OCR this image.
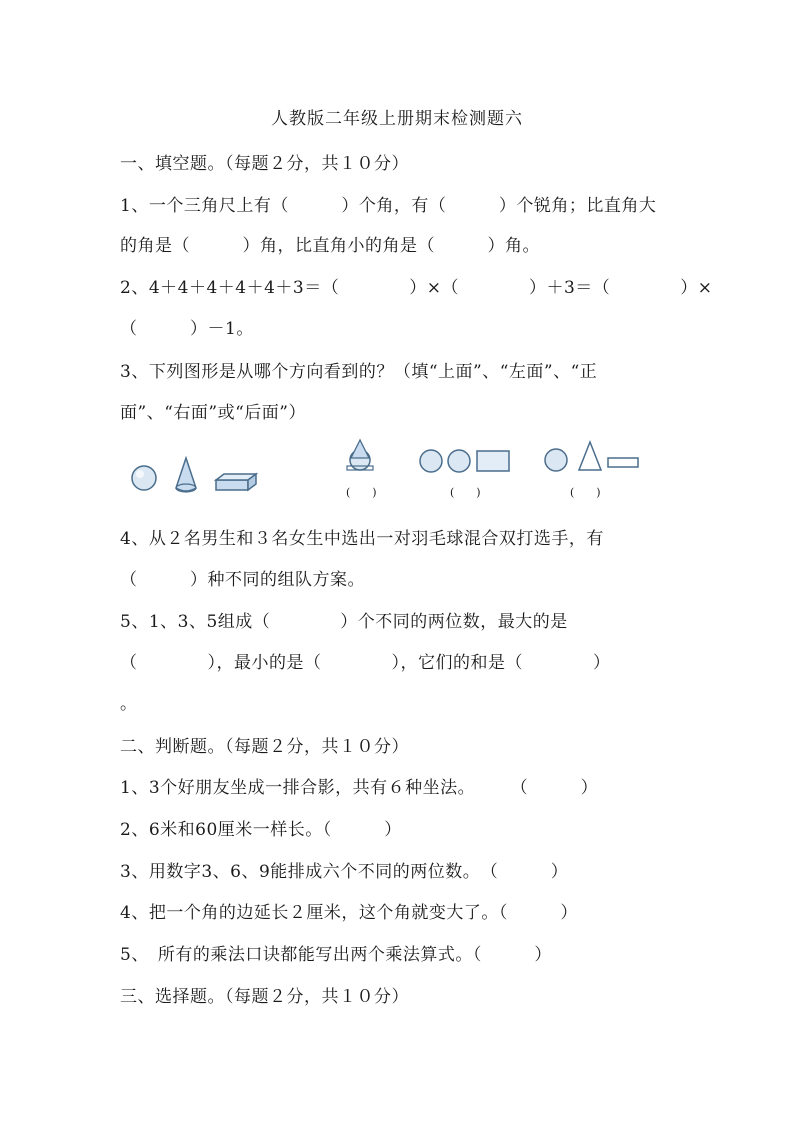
人教版二年级上册期末检测题六
一、填空题。（每题２分，共１０分）
1、一个三角尺上有（　　　）个角，有（　　　）个锐角；比直角大
的角是（　　　）角，比直角小的角是（　　　）角。
2、4＋4＋4＋4＋4＋3＝（　　　　）×（　　　　）＋3＝（　　　　）×
（　　　）－1。
3、下列图形是从哪个方向看到的？（填“上面”、“左面”、“正
面”、“右面”或“后面”）
(　　)	(　　)	(　　)
4、从２名男生和３名女生中选出一对羽毛球混合双打选手，有
（　　　）种不同的组队方案。
5、1、3、5组成（　　　　）个不同的两位数，最大的是
（　　　　），最小的是（　　　　），它们的和是（　　　　）
。
二、判断题。（每题２分，共１０分）
1、3个好朋友坐成一排合影，共有６种坐法。　　　（　　　）
2、6米和60厘米一样长。（　　　）
3、用数字3、6、9能排成六个不同的两位数。　（　　　）
4、把一个角的边延长２厘米，这个角就变大了。（　　　）
5、　所有的乘法口诀都能写出两个乘法算式。（　　　）
三、选择题。（每题２分，共１０分）
